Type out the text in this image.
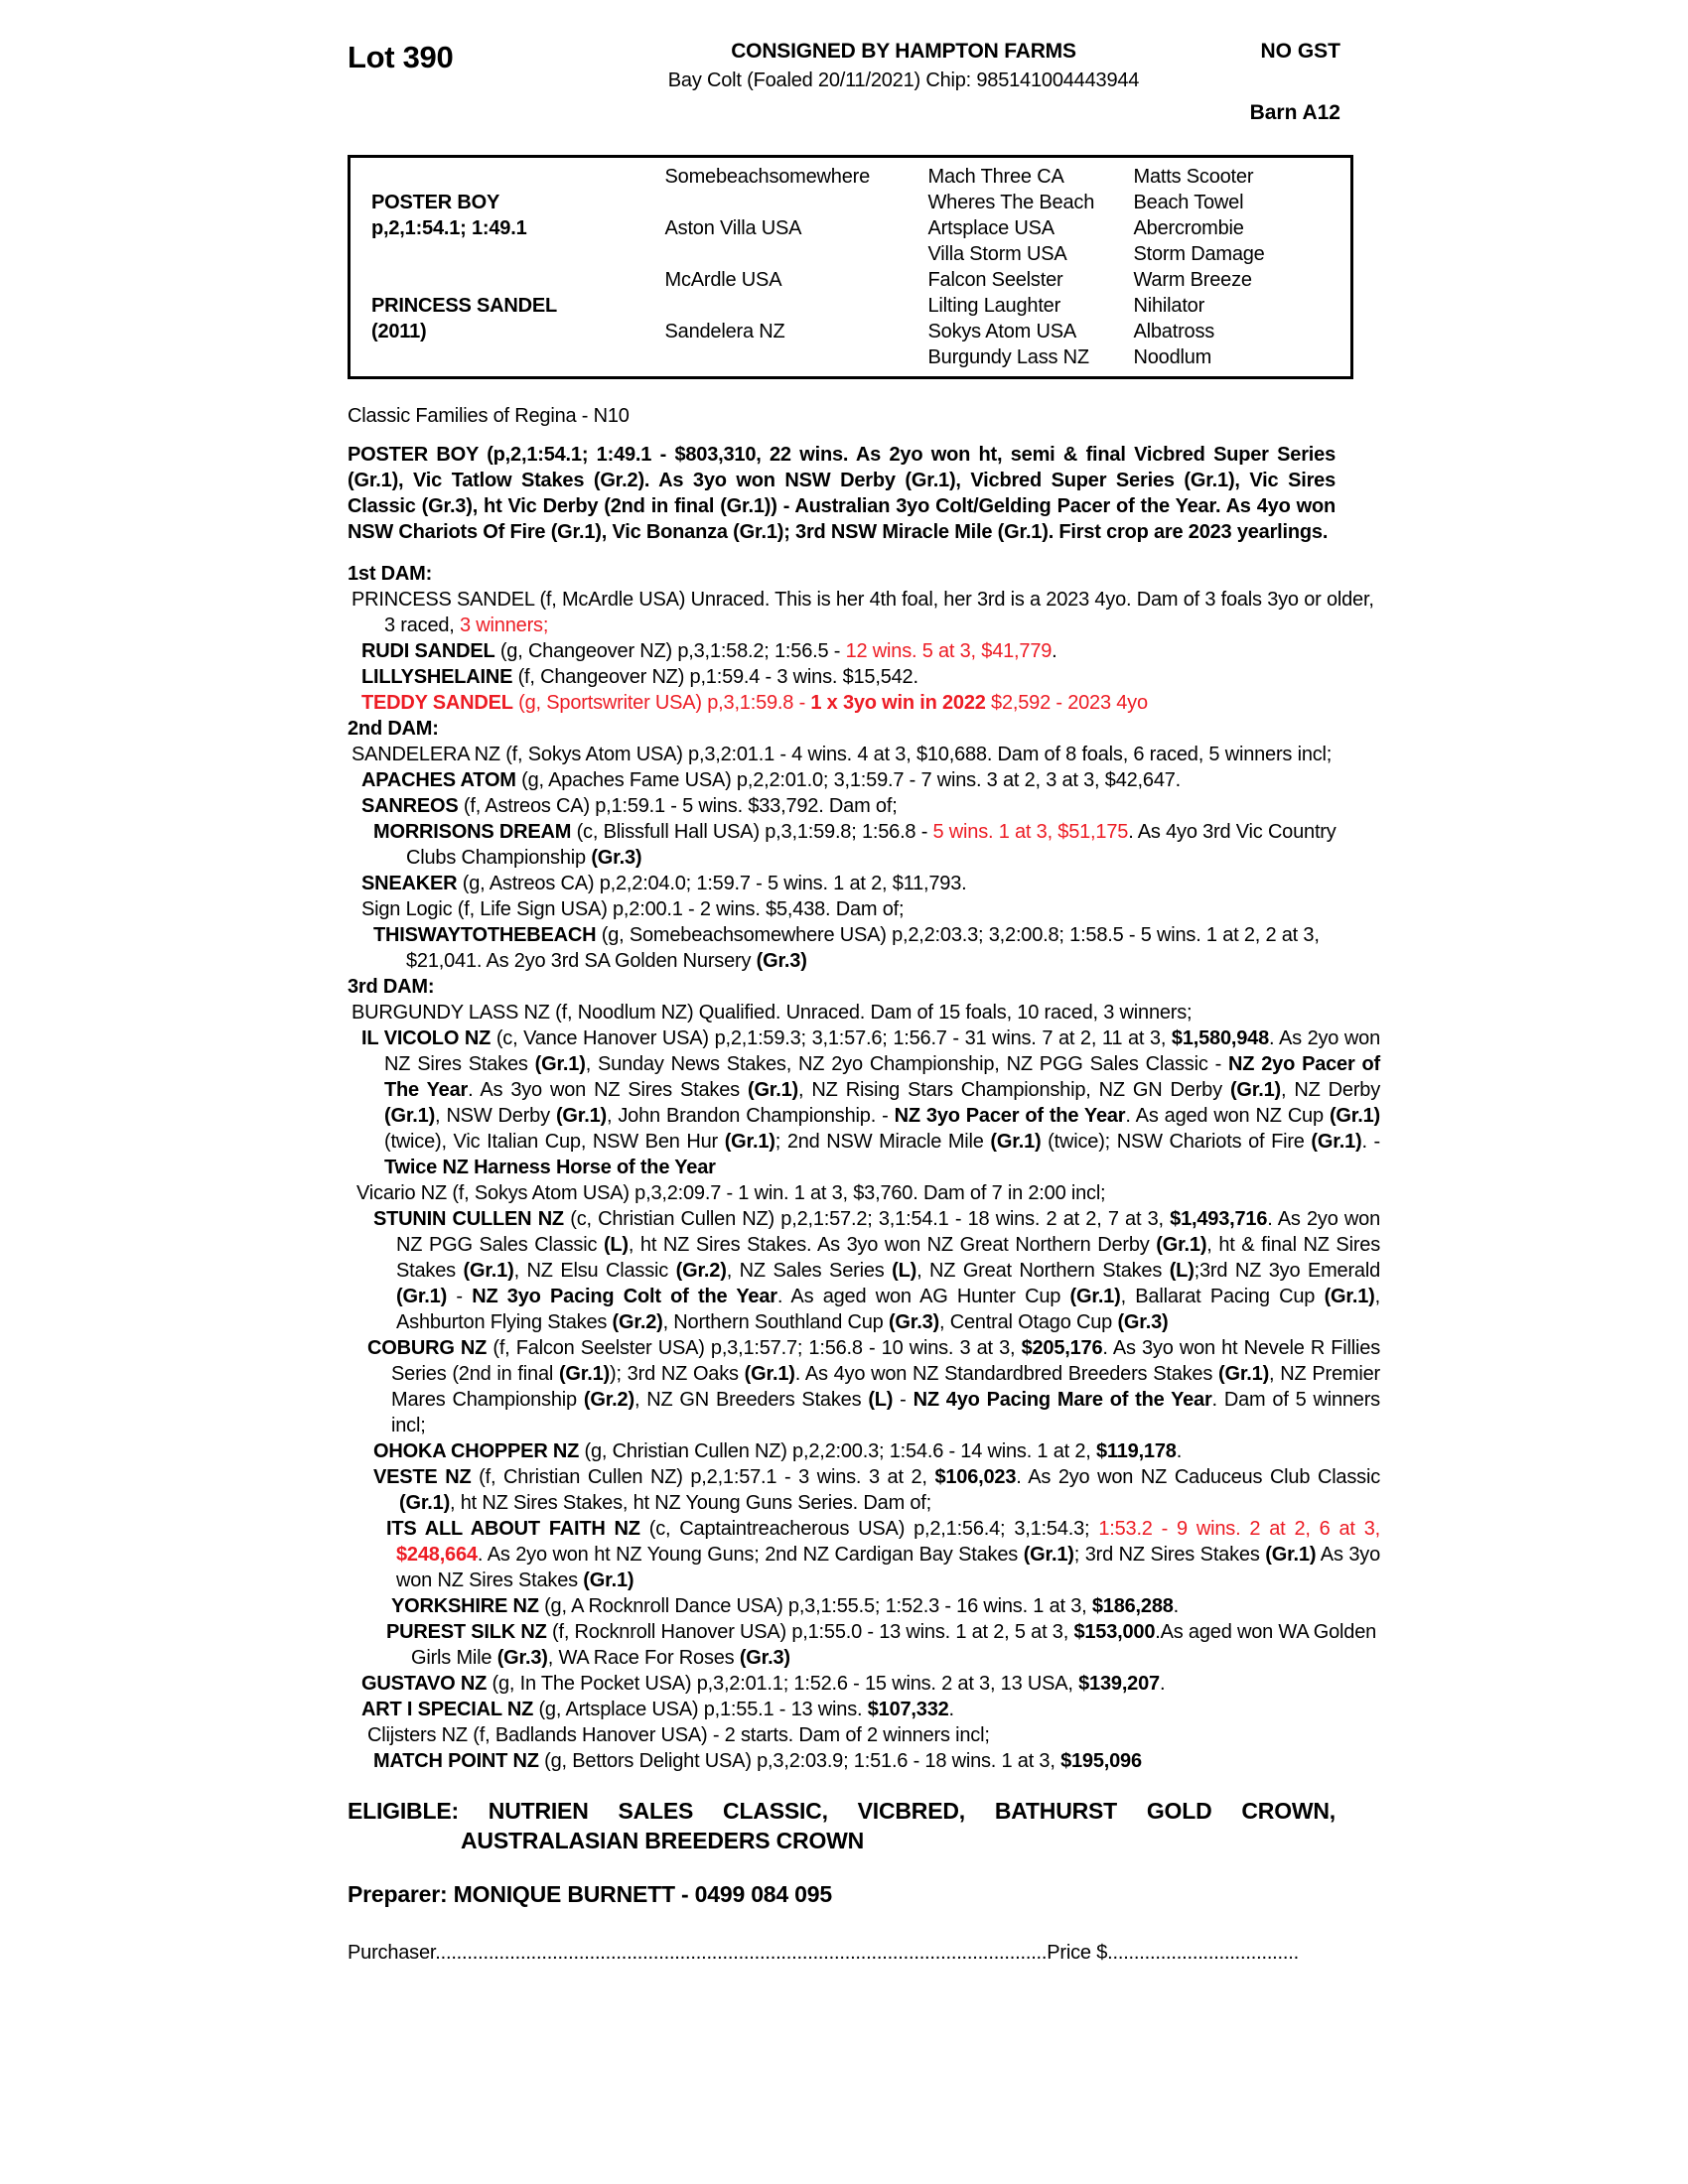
Lot 390	CONSIGNED BY HAMPTON FARMS
Bay Colt (Foaled 20/11/2021) Chip: 985141004443944
NO GST
Barn A12
	Somebeachsomewhere	Mach Three CA	Matts Scooter
POSTER BOY		Wheres The Beach	Beach Towel
p,2,1:54.1; 1:49.1	Aston Villa USA	Artsplace USA	Abercrombie
		Villa Storm USA	Storm Damage
	McArdle USA	Falcon Seelster	Warm Breeze
PRINCESS SANDEL		Lilting Laughter	Nihilator
(2011)	Sandelera NZ	Sokys Atom USA	Albatross
		Burgundy Lass NZ	Noodlum
Classic Families of Regina - N10
POSTER BOY (p,2,1:54.1; 1:49.1 - $803,310, 22 wins. As 2yo won ht, semi & final Vicbred Super Series (Gr.1), Vic Tatlow Stakes (Gr.2). As 3yo won NSW Derby (Gr.1), Vicbred Super Series (Gr.1), Vic Sires Classic (Gr.3), ht Vic Derby (2nd in final (Gr.1)) - Australian 3yo Colt/Gelding Pacer of the Year. As 4yo won NSW Chariots Of Fire (Gr.1), Vic Bonanza (Gr.1); 3rd NSW Miracle Mile (Gr.1). First crop are 2023 yearlings.
1st DAM:
PRINCESS SANDEL (f, McArdle USA) Unraced. This is her 4th foal, her 3rd is a 2023 4yo. Dam of 3 foals 3yo or older, 3 raced, 3 winners;
RUDI SANDEL (g, Changeover NZ) p,3,1:58.2; 1:56.5 - 12 wins. 5 at 3, $41,779.
LILLYSHELAINE (f, Changeover NZ) p,1:59.4 - 3 wins. $15,542.
TEDDY SANDEL (g, Sportswriter USA) p,3,1:59.8 - 1 x 3yo win in 2022 $2,592 - 2023 4yo
2nd DAM:
SANDELERA NZ (f, Sokys Atom USA) p,3,2:01.1 - 4 wins. 4 at 3, $10,688. Dam of 8 foals, 6 raced, 5 winners incl;
APACHES ATOM (g, Apaches Fame USA) p,2,2:01.0; 3,1:59.7 - 7 wins. 3 at 2, 3 at 3, $42,647.
SANREOS (f, Astreos CA) p,1:59.1 - 5 wins. $33,792. Dam of;
MORRISONS DREAM (c, Blissfull Hall USA) p,3,1:59.8; 1:56.8 - 5 wins. 1 at 3, $51,175. As 4yo 3rd Vic Country Clubs Championship (Gr.3)
SNEAKER (g, Astreos CA) p,2,2:04.0; 1:59.7 - 5 wins. 1 at 2, $11,793.
Sign Logic (f, Life Sign USA) p,2:00.1 - 2 wins. $5,438. Dam of;
THISWAYTOTHEBEACH (g, Somebeachsomewhere USA) p,2,2:03.3; 3,2:00.8; 1:58.5 - 5 wins. 1 at 2, 2 at 3, $21,041. As 2yo 3rd SA Golden Nursery (Gr.3)
3rd DAM:
BURGUNDY LASS NZ (f, Noodlum NZ) Qualified. Unraced. Dam of 15 foals, 10 raced, 3 winners;
IL VICOLO NZ (c, Vance Hanover USA) p,2,1:59.3; 3,1:57.6; 1:56.7 - 31 wins. 7 at 2, 11 at 3, $1,580,948. As 2yo won NZ Sires Stakes (Gr.1), Sunday News Stakes, NZ 2yo Championship, NZ PGG Sales Classic - NZ 2yo Pacer of The Year. As 3yo won NZ Sires Stakes (Gr.1), NZ Rising Stars Championship, NZ GN Derby (Gr.1), NZ Derby (Gr.1), NSW Derby (Gr.1), John Brandon Championship. - NZ 3yo Pacer of the Year. As aged won NZ Cup (Gr.1) (twice), Vic Italian Cup, NSW Ben Hur (Gr.1); 2nd NSW Miracle Mile (Gr.1) (twice); NSW Chariots of Fire (Gr.1). - Twice NZ Harness Horse of the Year
Vicario NZ (f, Sokys Atom USA) p,3,2:09.7 - 1 win. 1 at 3, $3,760. Dam of 7 in 2:00 incl;
STUNIN CULLEN NZ (c, Christian Cullen NZ) p,2,1:57.2; 3,1:54.1 - 18 wins. 2 at 2, 7 at 3, $1,493,716. As 2yo won NZ PGG Sales Classic (L), ht NZ Sires Stakes. As 3yo won NZ Great Northern Derby (Gr.1), ht & final NZ Sires Stakes (Gr.1), NZ Elsu Classic (Gr.2), NZ Sales Series (L), NZ Great Northern Stakes (L);3rd NZ 3yo Emerald (Gr.1) - NZ 3yo Pacing Colt of the Year. As aged won AG Hunter Cup (Gr.1), Ballarat Pacing Cup (Gr.1), Ashburton Flying Stakes (Gr.2), Northern Southland Cup (Gr.3), Central Otago Cup (Gr.3)
COBURG NZ (f, Falcon Seelster USA) p,3,1:57.7; 1:56.8 - 10 wins. 3 at 3, $205,176. As 3yo won ht Nevele R Fillies Series (2nd in final (Gr.1)); 3rd NZ Oaks (Gr.1). As 4yo won NZ Standardbred Breeders Stakes (Gr.1), NZ Premier Mares Championship (Gr.2), NZ GN Breeders Stakes (L) - NZ 4yo Pacing Mare of the Year. Dam of 5 winners incl;
OHOKA CHOPPER NZ (g, Christian Cullen NZ) p,2,2:00.3; 1:54.6 - 14 wins. 1 at 2, $119,178.
VESTE NZ (f, Christian Cullen NZ) p,2,1:57.1 - 3 wins. 3 at 2, $106,023. As 2yo won NZ Caduceus Club Classic (Gr.1), ht NZ Sires Stakes, ht NZ Young Guns Series. Dam of;
ITS ALL ABOUT FAITH NZ (c, Captaintreacherous USA) p,2,1:56.4; 3,1:54.3; 1:53.2 - 9 wins. 2 at 2, 6 at 3, $248,664. As 2yo won ht NZ Young Guns; 2nd NZ Cardigan Bay Stakes (Gr.1); 3rd NZ Sires Stakes (Gr.1) As 3yo won NZ Sires Stakes (Gr.1)
YORKSHIRE NZ (g, A Rocknroll Dance USA) p,3,1:55.5; 1:52.3 - 16 wins. 1 at 3, $186,288.
PUREST SILK NZ (f, Rocknroll Hanover USA) p,1:55.0 - 13 wins. 1 at 2, 5 at 3, $153,000.As aged won WA Golden Girls Mile (Gr.3), WA Race For Roses (Gr.3)
GUSTAVO NZ (g, In The Pocket USA) p,3,2:01.1; 1:52.6 - 15 wins. 2 at 3, 13 USA, $139,207.
ART I SPECIAL NZ (g, Artsplace USA) p,1:55.1 - 13 wins. $107,332.
Clijsters NZ (f, Badlands Hanover USA) - 2 starts. Dam of 2 winners incl;
MATCH POINT NZ (g, Bettors Delight USA) p,3,2:03.9; 1:51.6 - 18 wins. 1 at 3, $195,096
ELIGIBLE: NUTRIEN SALES CLASSIC, VICBRED, BATHURST GOLD CROWN,
AUSTRALASIAN BREEDERS CROWN
Preparer: MONIQUE BURNETT - 0499 084 095
Purchaser...................................................................................................................Price $....................................
